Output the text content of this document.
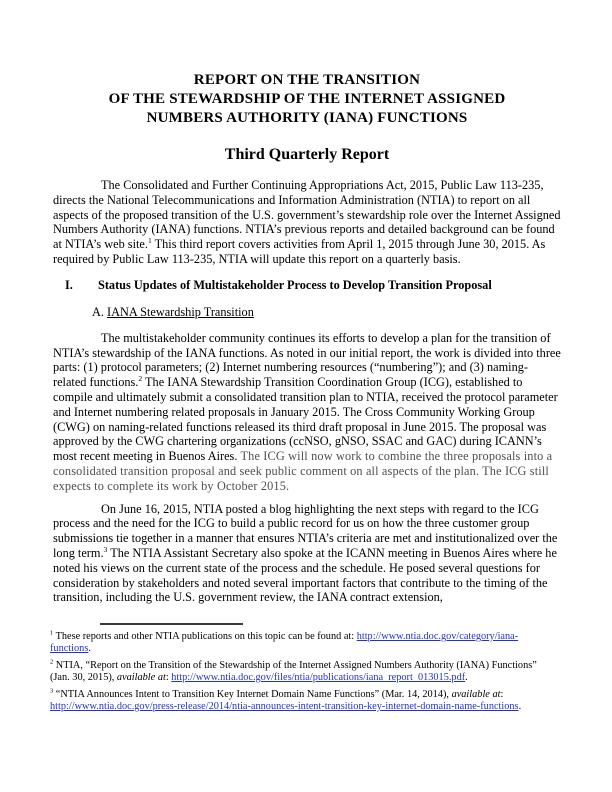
REPORT ON THE TRANSITION
OF THE STEWARDSHIP OF THE INTERNET ASSIGNED
NUMBERS AUTHORITY (IANA) FUNCTIONS
Third Quarterly Report
The Consolidated and Further Continuing Appropriations Act, 2015, Public Law 113-235, directs the National Telecommunications and Information Administration (NTIA) to report on all aspects of the proposed transition of the U.S. government’s stewardship role over the Internet Assigned Numbers Authority (IANA) functions. NTIA’s previous reports and detailed background can be found at NTIA’s web site.$^1$ This third report covers activities from April 1, 2015 through June 30, 2015. As required by Public Law 113-235, NTIA will update this report on a quarterly basis.
I. Status Updates of Multistakeholder Process to Develop Transition Proposal
A. IANA Stewardship Transition
The multistakeholder community continues its efforts to develop a plan for the transition of NTIA’s stewardship of the IANA functions. As noted in our initial report, the work is divided into three parts: (1) protocol parameters; (2) Internet numbering resources (“numbering”); and (3) naming-related functions.$^2$ The IANA Stewardship Transition Coordination Group (ICG), established to compile and ultimately submit a consolidated transition plan to NTIA, received the protocol parameter and Internet numbering related proposals in January 2015. The Cross Community Working Group (CWG) on naming-related functions released its third draft proposal in June 2015. The proposal was approved by the CWG chartering organizations (ccNSO, gNSO, SSAC and GAC) during ICANN’s most recent meeting in Buenos Aires. The ICG will now work to combine the three proposals into a consolidated transition proposal and seek public comment on all aspects of the plan. The ICG still expects to complete its work by October 2015.
On June 16, 2015, NTIA posted a blog highlighting the next steps with regard to the ICG process and the need for the ICG to build a public record for us on how the three customer group submissions tie together in a manner that ensures NTIA’s criteria are met and institutionalized over the long term.$^3$ The NTIA Assistant Secretary also spoke at the ICANN meeting in Buenos Aires where he noted his views on the current state of the process and the schedule. He posed several questions for consideration by stakeholders and noted several important factors that contribute to the timing of the transition, including the U.S. government review, the IANA contract extension,
$^1$ These reports and other NTIA publications on this topic can be found at: http://www.ntia.doc.gov/category/iana-functions.
$^2$ NTIA, “Report on the Transition of the Stewardship of the Internet Assigned Numbers Authority (IANA) Functions” (Jan. 30, 2015), available at: http://www.ntia.doc.gov/files/ntia/publications/iana_report_013015.pdf.
$^3$ “NTIA Announces Intent to Transition Key Internet Domain Name Functions” (Mar. 14, 2014), available at: http://www.ntia.doc.gov/press-release/2014/ntia-announces-intent-transition-key-internet-domain-name-functions.
